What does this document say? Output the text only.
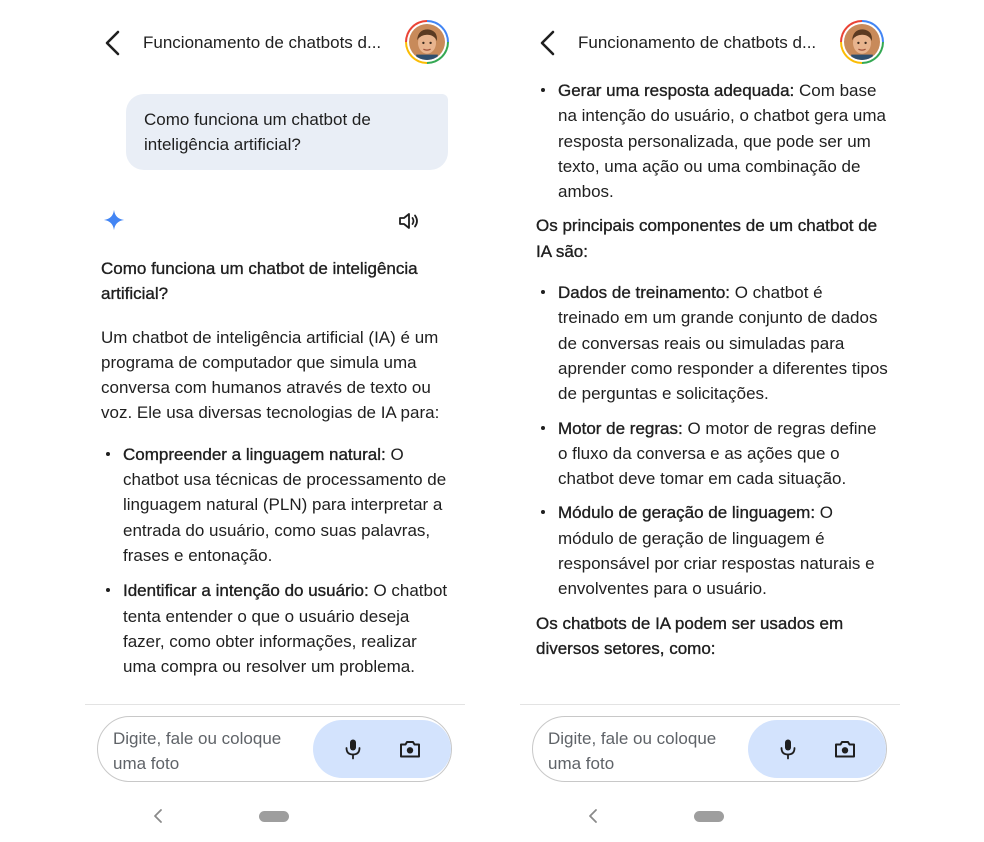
Funcionamento de chatbots d...
Como funciona um chatbot de inteligência artificial?

Como funciona um chatbot de inteligência artificial?

Um chatbot de inteligência artificial (IA) é um programa de computador que simula uma conversa com humanos através de texto ou voz. Ele usa diversas tecnologias de IA para:

Compreender a linguagem natural: O chatbot usa técnicas de processamento de linguagem natural (PLN) para interpretar a entrada do usuário, como suas palavras, frases e entonação.
Identificar a intenção do usuário: O chatbot tenta entender o que o usuário deseja fazer, como obter informações, realizar uma compra ou resolver um problema.
Digite, fale ou coloque uma foto
Funcionamento de chatbots d...
Gerar uma resposta adequada: Com base na intenção do usuário, o chatbot gera uma resposta personalizada, que pode ser um texto, uma ação ou uma combinação de ambos.

Os principais componentes de um chatbot de IA são:

Dados de treinamento: O chatbot é treinado em um grande conjunto de dados de conversas reais ou simuladas para aprender como responder a diferentes tipos de perguntas e solicitações.
Motor de regras: O motor de regras define o fluxo da conversa e as ações que o chatbot deve tomar em cada situação.
Módulo de geração de linguagem: O módulo de geração de linguagem é responsável por criar respostas naturais e envolventes para o usuário.

Os chatbots de IA podem ser usados em diversos setores, como:

Digite, fale ou coloque uma foto
